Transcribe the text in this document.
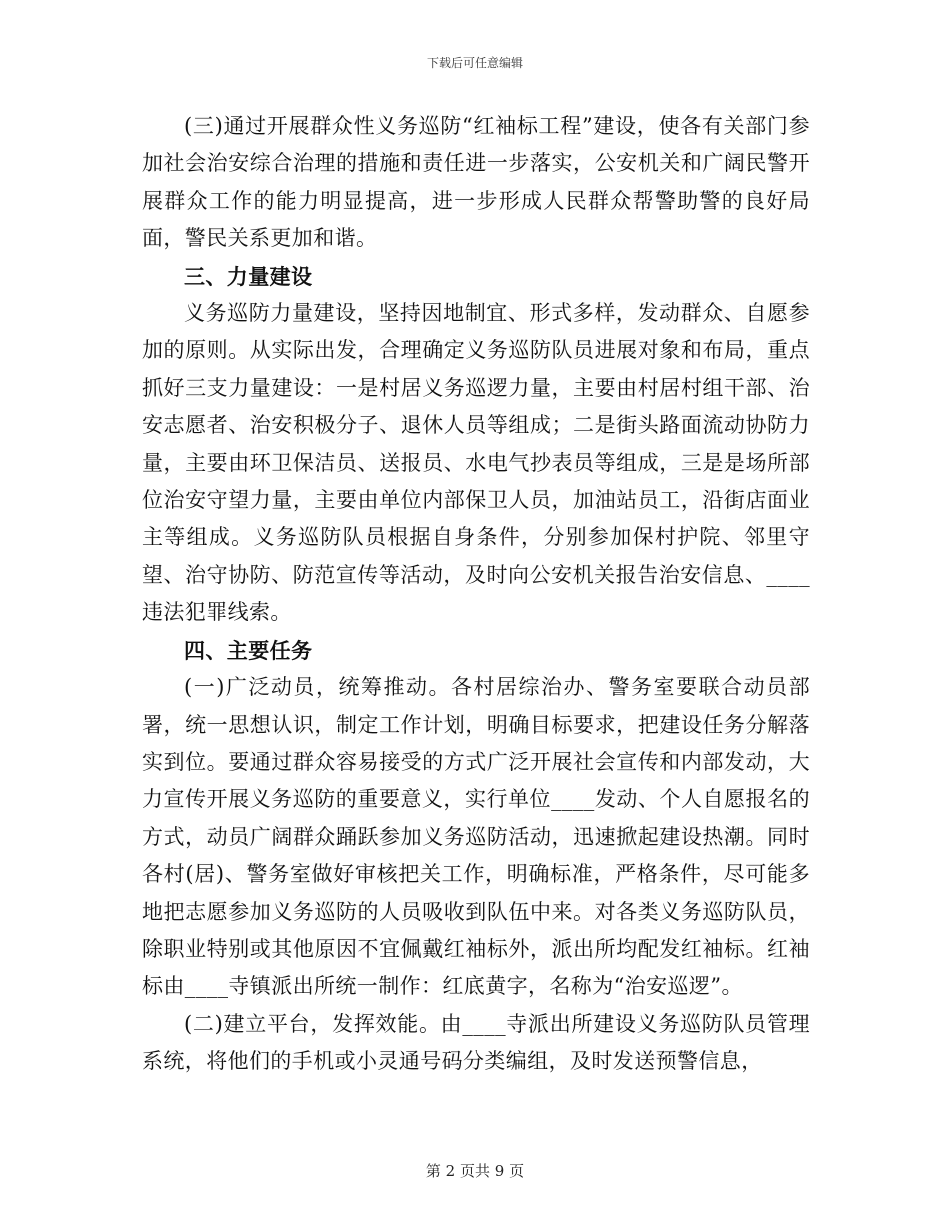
下载后可任意编辑

(三)通过开展群众性义务巡防“红袖标工程”建设，使各有关部门参加社会治安综合治理的措施和责任进一步落实，公安机关和广阔民警开展群众工作的能力明显提高，进一步形成人民群众帮警助警的良好局面，警民关系更加和谐。

三、力量建设

义务巡防力量建设，坚持因地制宜、形式多样，发动群众、自愿参加的原则。从实际出发，合理确定义务巡防队员进展对象和布局，重点抓好三支力量建设：一是村居义务巡逻力量，主要由村居村组干部、治安志愿者、治安积极分子、退休人员等组成；二是街头路面流动协防力量，主要由环卫保洁员、送报员、水电气抄表员等组成，三是是场所部位治安守望力量，主要由单位内部保卫人员，加油站员工，沿街店面业主等组成。义务巡防队员根据自身条件，分别参加保村护院、邻里守望、治守协防、防范宣传等活动，及时向公安机关报告治安信息、____违法犯罪线索。

四、主要任务

(一)广泛动员，统筹推动。各村居综治办、警务室要联合动员部署，统一思想认识，制定工作计划，明确目标要求，把建设任务分解落实到位。要通过群众容易接受的方式广泛开展社会宣传和内部发动，大力宣传开展义务巡防的重要意义，实行单位____发动、个人自愿报名的方式，动员广阔群众踊跃参加义务巡防活动，迅速掀起建设热潮。同时各村(居)、警务室做好审核把关工作，明确标准，严格条件，尽可能多地把志愿参加义务巡防的人员吸收到队伍中来。对各类义务巡防队员，除职业特别或其他原因不宜佩戴红袖标外，派出所均配发红袖标。红袖标由____寺镇派出所统一制作：红底黄字，名称为“治安巡逻”。

(二)建立平台，发挥效能。由____寺派出所建设义务巡防队员管理系统，将他们的手机或小灵通号码分类编组，及时发送预警信息，

第 2 页共 9 页
